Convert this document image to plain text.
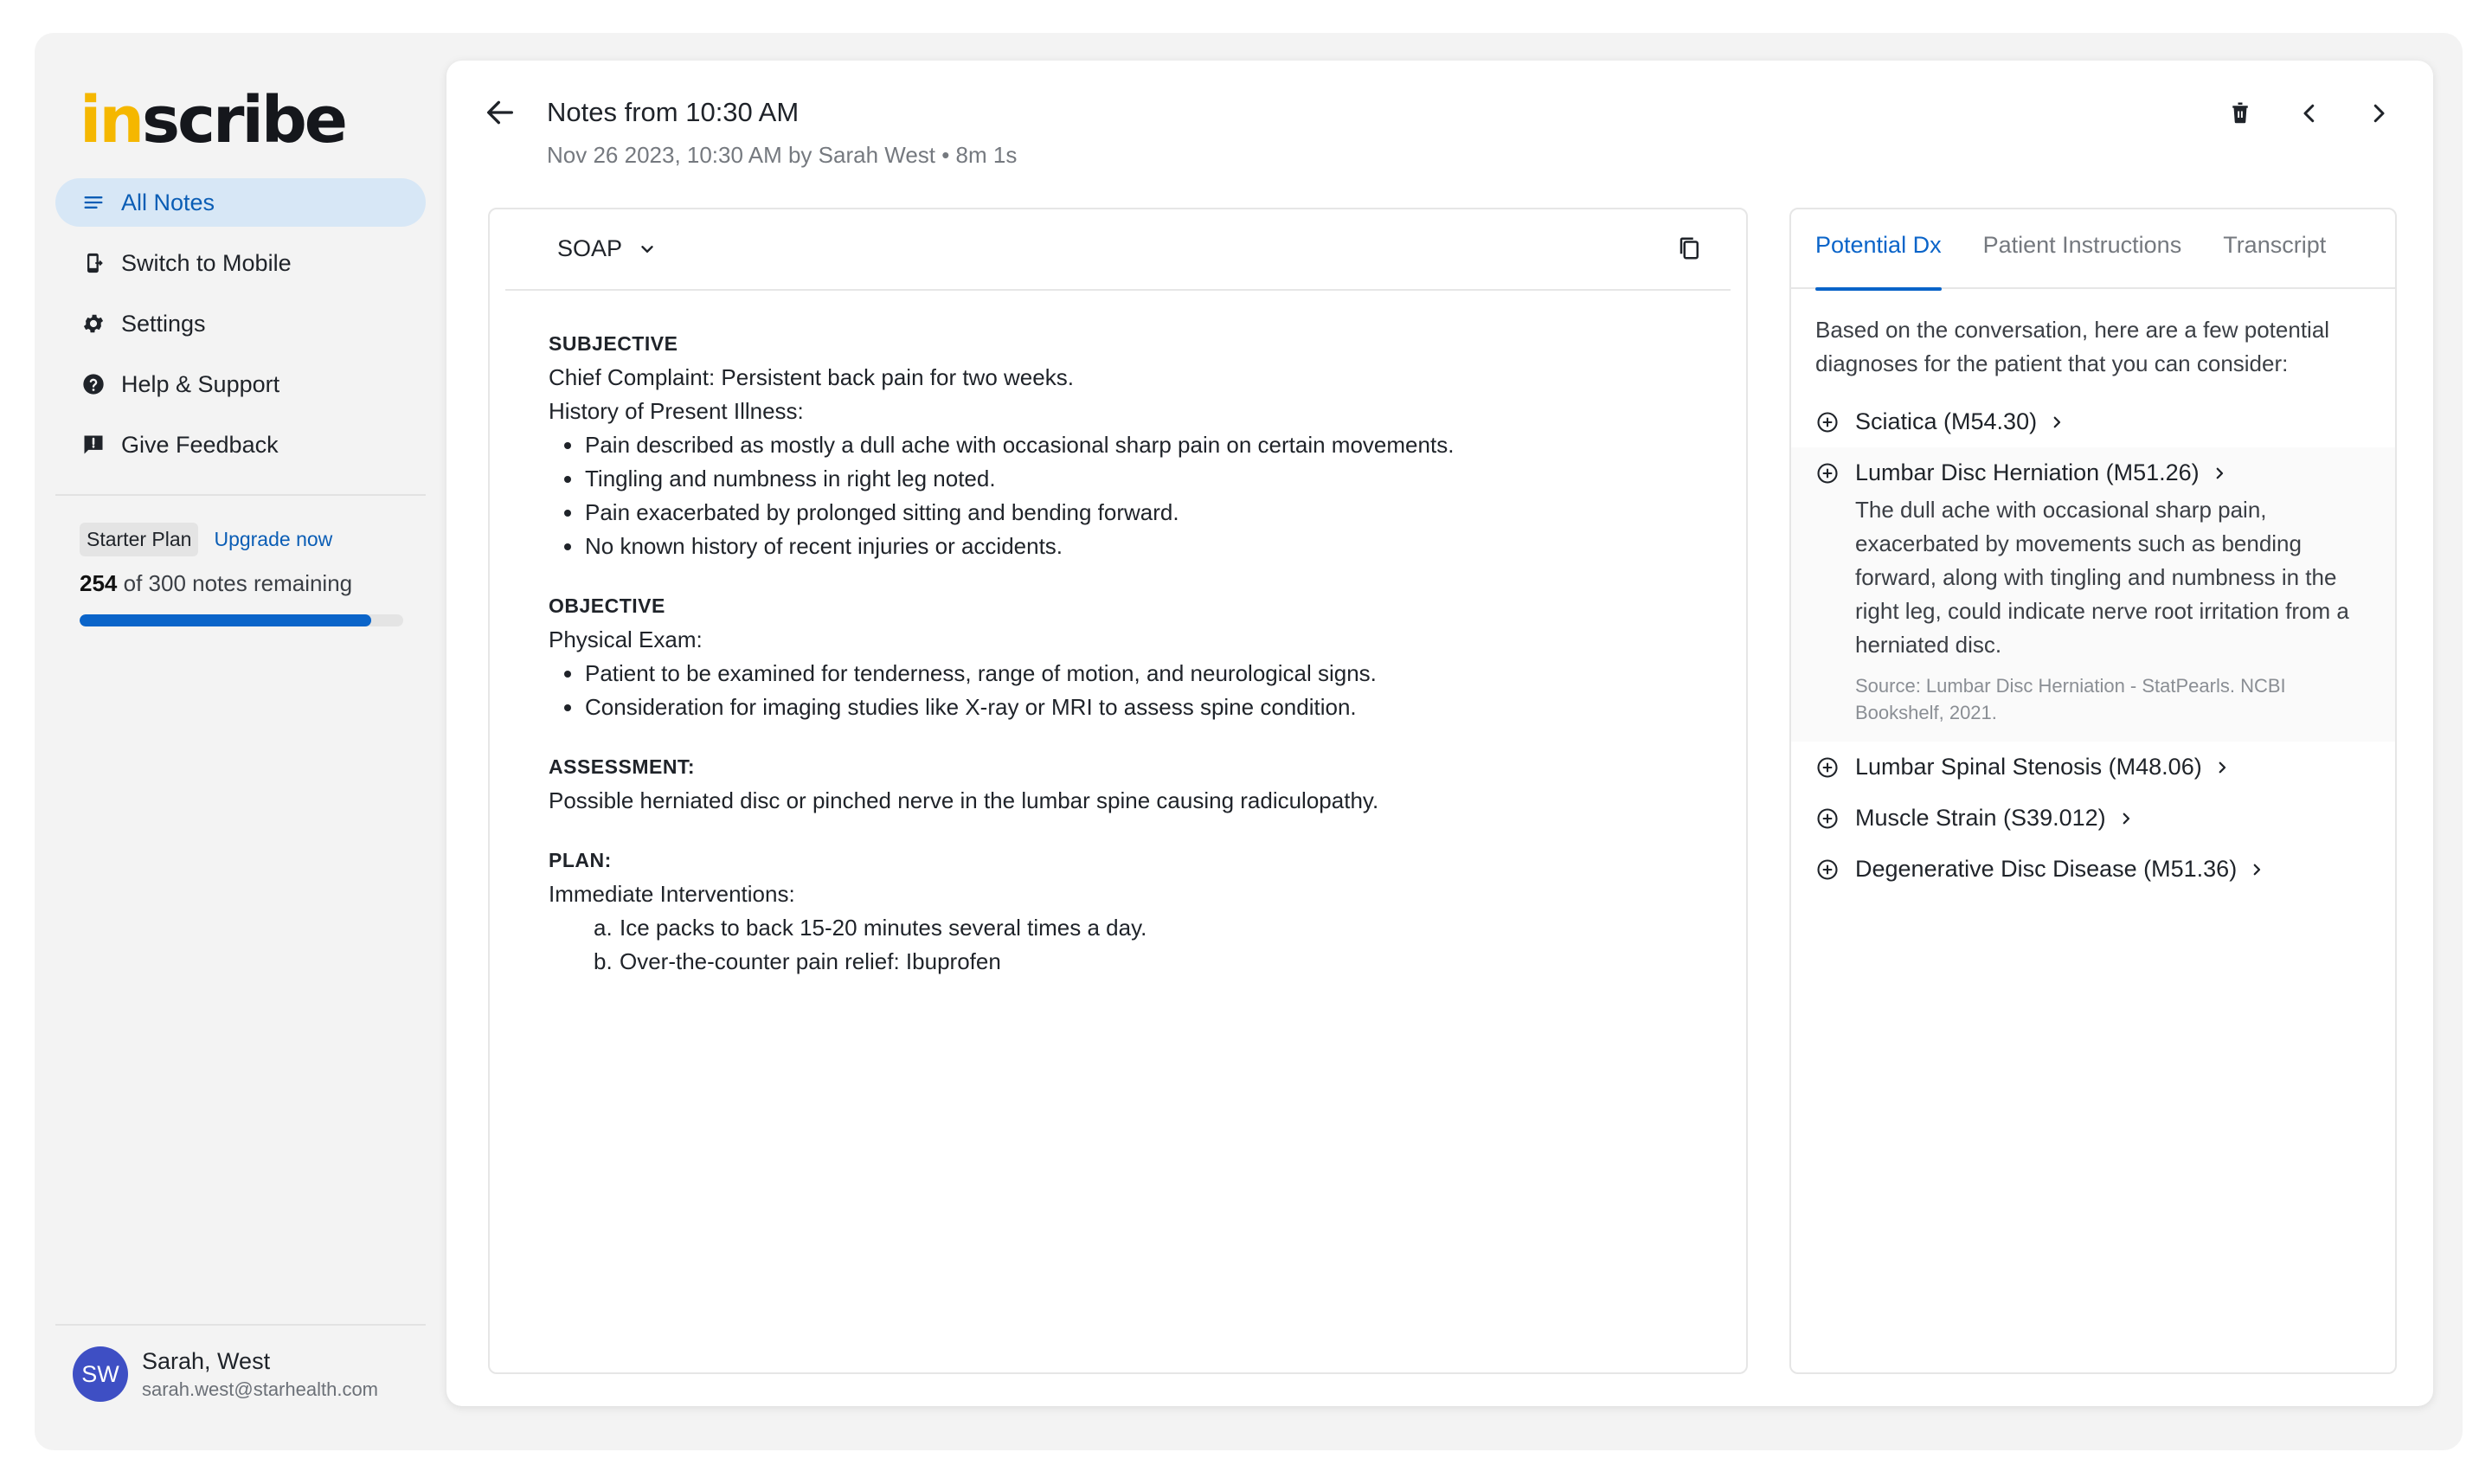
inscribe
All Notes
Switch to Mobile
Settings
Help & Support
Give Feedback
Starter Plan	Upgrade now
254 of 300 notes remaining
SW Sarah, West
sarah.west@starhealth.com
Notes from 10:30 AM
Nov 26 2023, 10:30 AM by Sarah West • 8m 1s
SOAP
SUBJECTIVE
Chief Complaint: Persistent back pain for two weeks.
History of Present Illness:
Pain described as mostly a dull ache with occasional sharp pain on certain movements.
Tingling and numbness in right leg noted.
Pain exacerbated by prolonged sitting and bending forward.
No known history of recent injuries or accidents.
OBJECTIVE
Physical Exam:
Patient to be examined for tenderness, range of motion, and neurological signs.
Consideration for imaging studies like X-ray or MRI to assess spine condition.
ASSESSMENT:
Possible herniated disc or pinched nerve in the lumbar spine causing radiculopathy.
PLAN:
Immediate Interventions:
a. Ice packs to back 15-20 minutes several times a day.
b. Over-the-counter pain relief: Ibuprofen
Potential Dx Patient Instructions Transcript
Based on the conversation, here are a few potential diagnoses for the patient that you can consider:
Sciatica (M54.30)
Lumbar Disc Herniation (M51.26)
The dull ache with occasional sharp pain, exacerbated by movements such as bending forward, along with tingling and numbness in the right leg, could indicate nerve root irritation from a herniated disc.
Source: Lumbar Disc Herniation - StatPearls. NCBI Bookshelf, 2021.
Lumbar Spinal Stenosis (M48.06)
Muscle Strain (S39.012)
Degenerative Disc Disease (M51.36)
